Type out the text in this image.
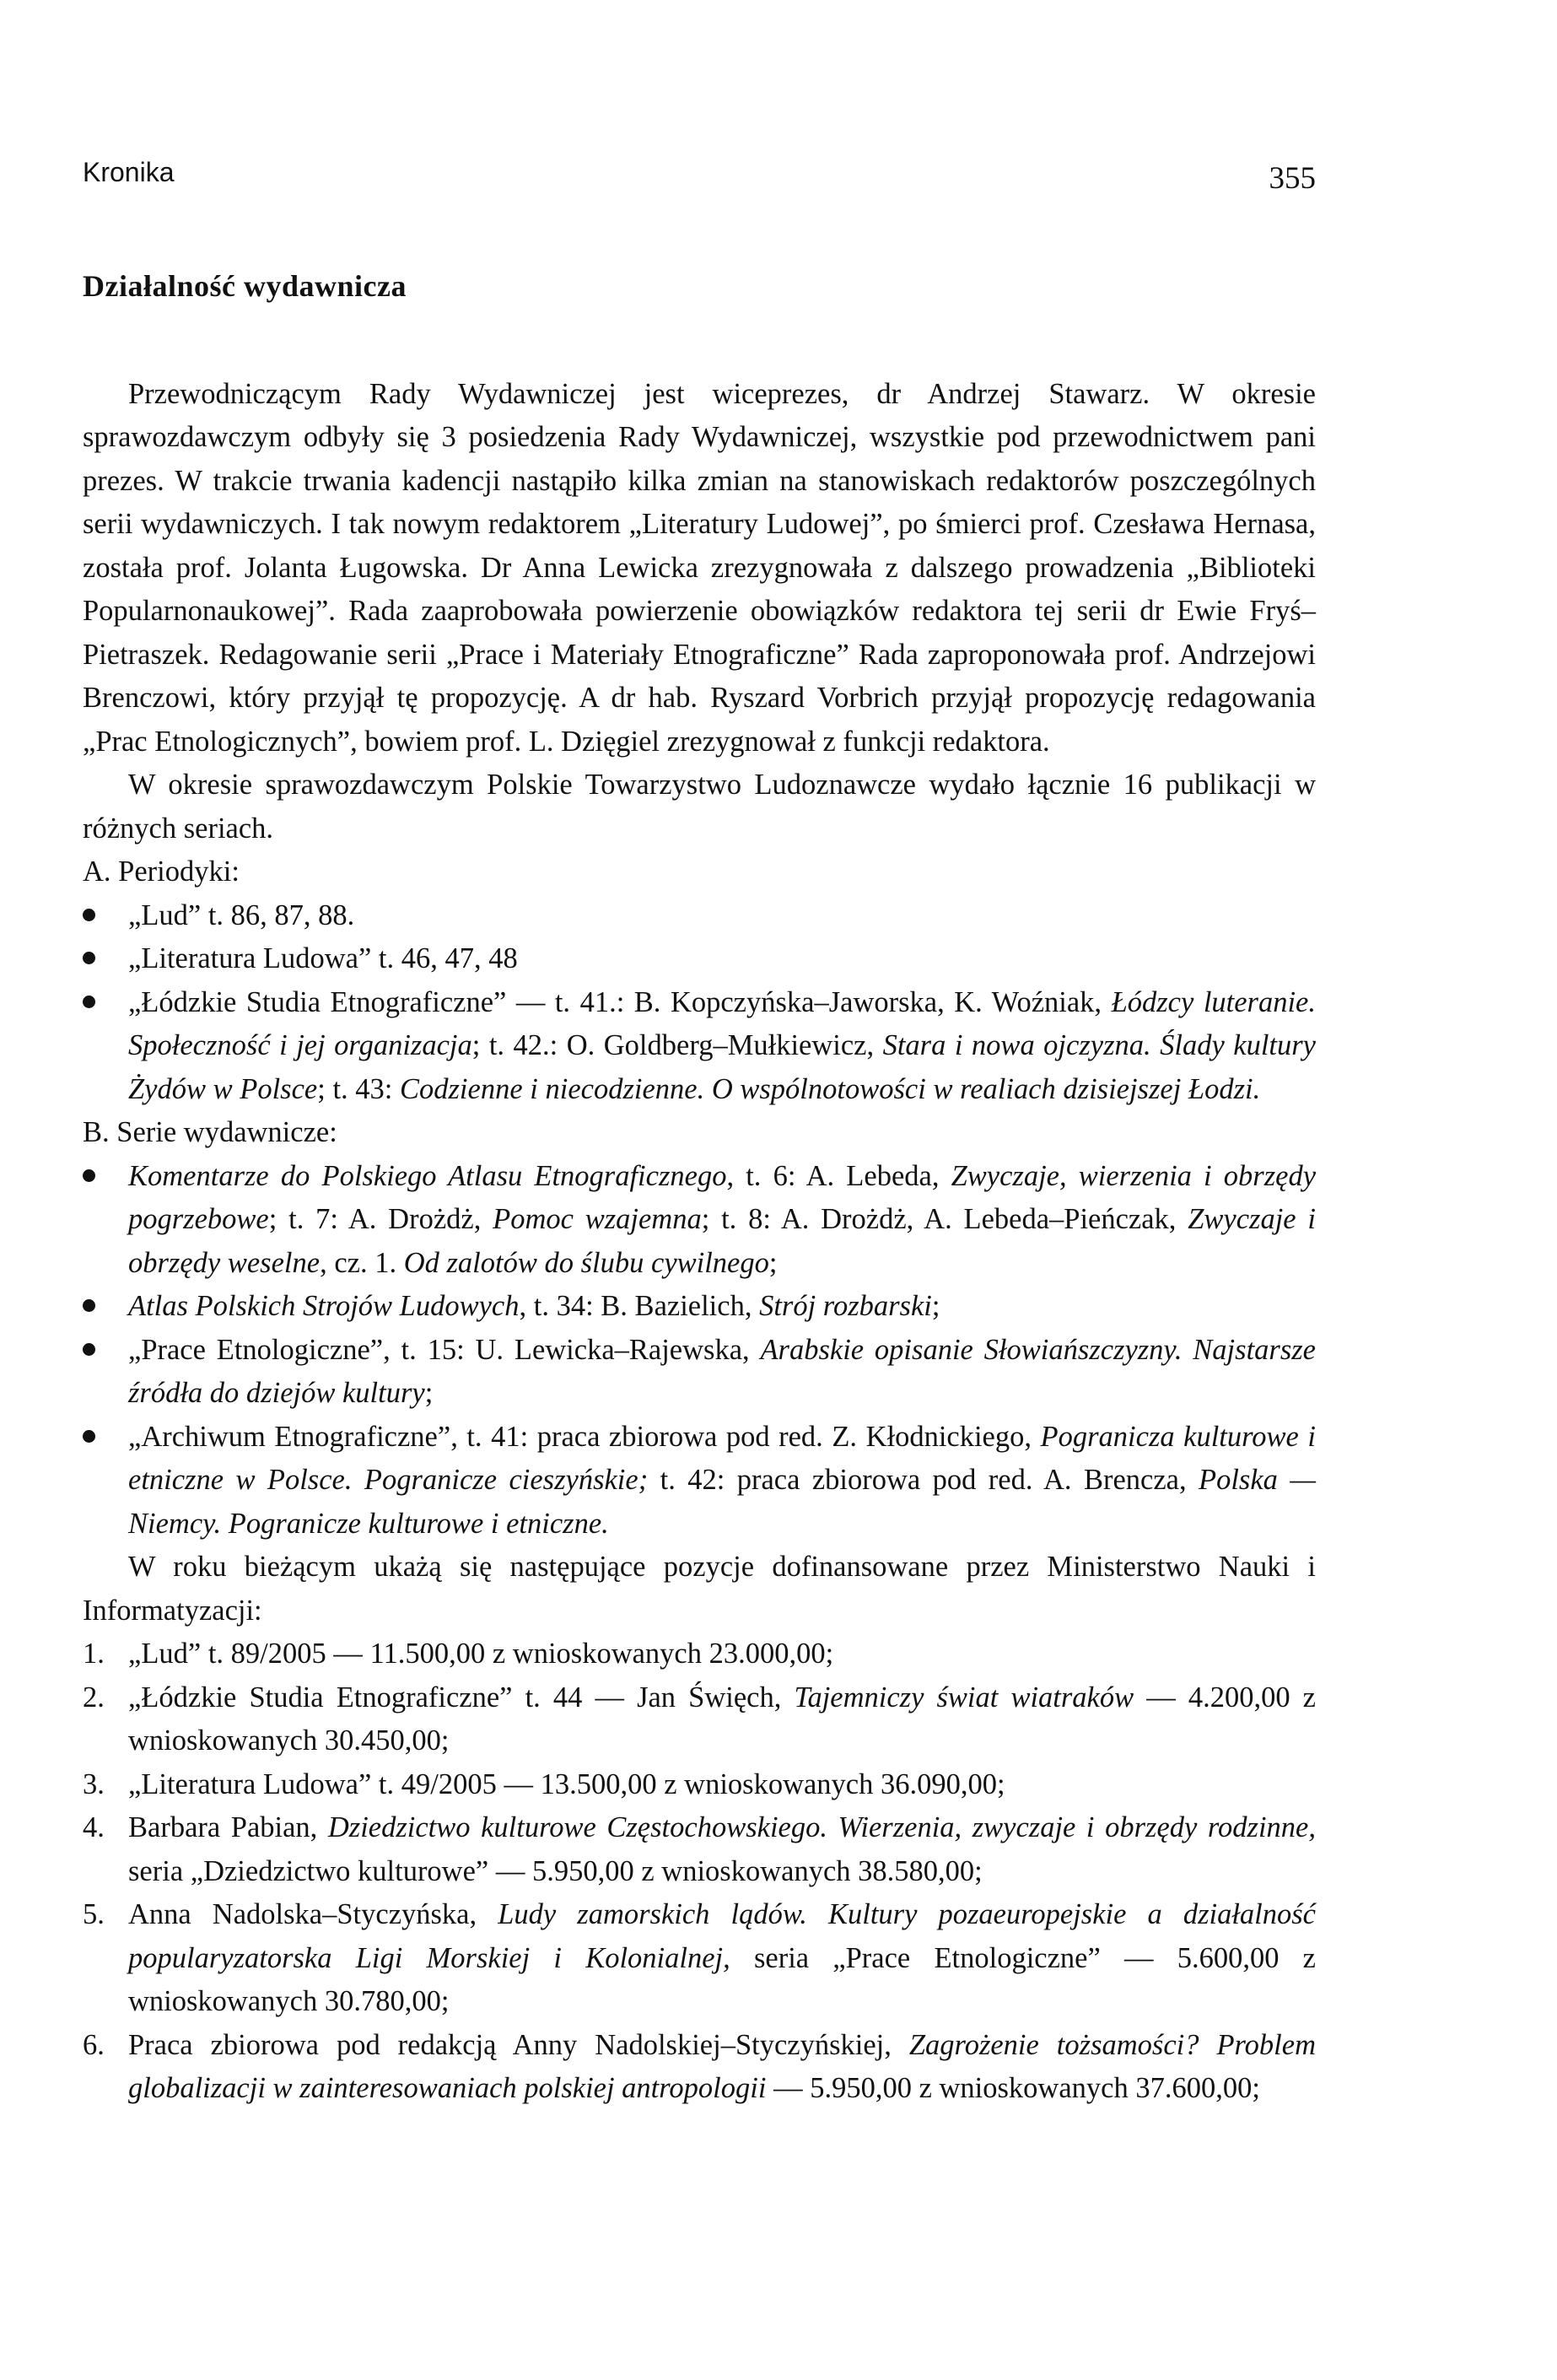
Kronika	355
Działalność wydawnicza

Przewodniczącym Rady Wydawniczej jest wiceprezes, dr Andrzej Stawarz. W okresie sprawozdawczym odbyły się 3 posiedzenia Rady Wydawniczej, wszystkie pod przewodnictwem pani prezes. W trakcie trwania kadencji nastąpiło kilka zmian na stanowiskach redaktorów poszczególnych serii wydawniczych. I tak nowym redaktorem „Literatury Ludowej”, po śmierci prof. Czesława Hernasa, została prof. Jolanta Ługowska. Dr Anna Lewicka zrezygnowała z dalszego prowadzenia „Biblioteki Popularnonaukowej”. Rada zaaprobowała powierzenie obowiązków redaktora tej serii dr Ewie Fryś–Pietraszek. Redagowanie serii „Prace i Materiały Etnograficzne” Rada zaproponowała prof. Andrzejowi Brenczowi, który przyjął tę propozycję. A dr hab. Ryszard Vorbrich przyjął propozycję redagowania „Prac Etnologicznych”, bowiem prof. L. Dzięgiel zrezygnował z funkcji redaktora.

W okresie sprawozdawczym Polskie Towarzystwo Ludoznawcze wydało łącznie 16 publikacji w różnych seriach.

A. Periodyki:
„Lud” t. 86, 87, 88.
„Literatura Ludowa” t. 46, 47, 48
„Łódzkie Studia Etnograficzne” — t. 41.: B. Kopczyńska–Jaworska, K. Woźniak, Łódzcy luteranie. Społeczność i jej organizacja; t. 42.: O. Goldberg–Mułkiewicz, Stara i nowa ojczyzna. Ślady kultury Żydów w Polsce; t. 43: Codzienne i niecodzienne. O wspólnotowości w realiach dzisiejszej Łodzi.
B. Serie wydawnicze:
Komentarze do Polskiego Atlasu Etnograficznego, t. 6: A. Lebeda, Zwyczaje, wierzenia i obrzędy pogrzebowe; t. 7: A. Drożdż, Pomoc wzajemna; t. 8: A. Drożdż, A. Lebeda–Pieńczak, Zwyczaje i obrzędy weselne, cz. 1. Od zalotów do ślubu cywilnego;
Atlas Polskich Strojów Ludowych, t. 34: B. Bazielich, Strój rozbarski;
„Prace Etnologiczne”, t. 15: U. Lewicka–Rajewska, Arabskie opisanie Słowiańszczyzny. Najstarsze źródła do dziejów kultury;
„Archiwum Etnograficzne”, t. 41: praca zbiorowa pod red. Z. Kłodnickiego, Pogranicza kulturowe i etniczne w Polsce. Pogranicze cieszyńskie; t. 42: praca zbiorowa pod red. A. Brencza, Polska — Niemcy. Pogranicze kulturowe i etniczne.

W roku bieżącym ukażą się następujące pozycje dofinansowane przez Ministerstwo Nauki i Informatyzacji:

1. „Lud” t. 89/2005 — 11.500,00 z wnioskowanych 23.000,00;
2. „Łódzkie Studia Etnograficzne” t. 44 — Jan Święch, Tajemniczy świat wiatraków — 4.200,00 z wnioskowanych 30.450,00;
3. „Literatura Ludowa” t. 49/2005 — 13.500,00 z wnioskowanych 36.090,00;
4. Barbara Pabian, Dziedzictwo kulturowe Częstochowskiego. Wierzenia, zwyczaje i obrzędy rodzinne, seria „Dziedzictwo kulturowe” — 5.950,00 z wnioskowanych 38.580,00;
5. Anna Nadolska–Styczyńska, Ludy zamorskich lądów. Kultury pozaeuropejskie a działalność popularyzatorska Ligi Morskiej i Kolonialnej, seria „Prace Etnologiczne” — 5.600,00 z wnioskowanych 30.780,00;
6. Praca zbiorowa pod redakcją Anny Nadolskiej–Styczyńskiej, Zagrożenie tożsamości? Problem globalizacji w zainteresowaniach polskiej antropologii — 5.950,00 z wnioskowanych 37.600,00;
